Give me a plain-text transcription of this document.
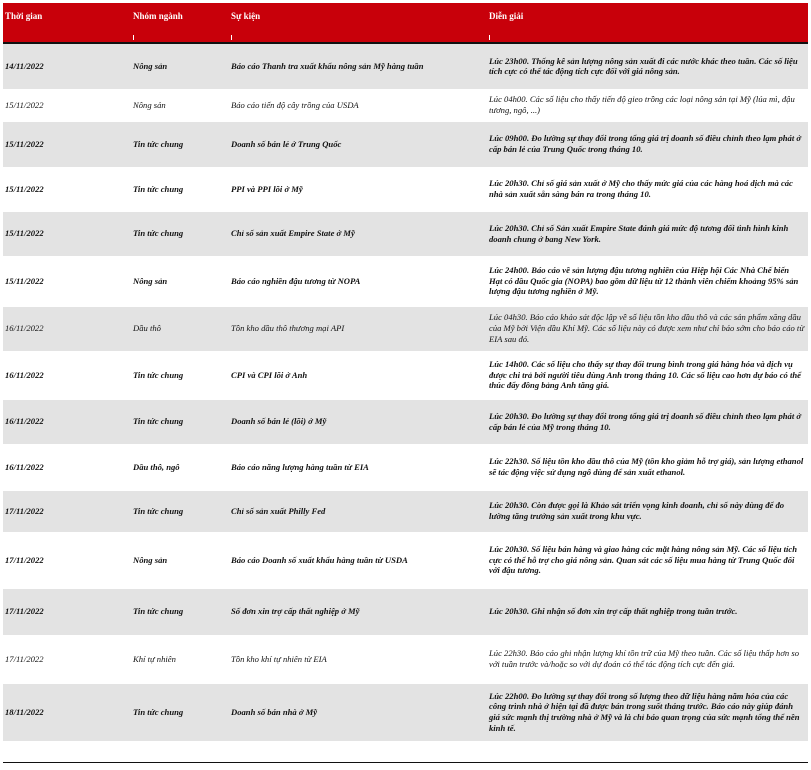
Thời gian	Nhóm ngành	Sự kiện	Diễn giải

14/11/2022	Nông sản	Báo cáo Thanh tra xuất khẩu nông sản Mỹ hàng tuần	Lúc 23h00. Thống kê sản lượng nông sản xuất đi các nước khác theo tuần. Các số liệu tích cực có thể tác động tích cực đối với giá nông sản.
15/11/2022	Nông sản	Báo cáo tiến độ cây trồng của USDA	Lúc 04h00. Các số liệu cho thấy tiến độ gieo trồng các loại nông sản tại Mỹ (lúa mì, đậu tương, ngô, ...)
15/11/2022	Tin tức chung	Doanh số bán lẻ ở Trung Quốc	Lúc 09h00. Đo lường sự thay đổi trong tổng giá trị doanh số điều chỉnh theo lạm phát ở cấp bán lẻ của Trung Quốc trong tháng 10.
15/11/2022	Tin tức chung	PPI và PPI lõi ở Mỹ	Lúc 20h30. Chỉ số giá sản xuất ở Mỹ cho thấy mức giá của các hàng hoá dịch mà các nhà sản xuất sẵn sàng bán ra trong tháng 10.
15/11/2022	Tin tức chung	Chỉ số sản xuất Empire State ở Mỹ	Lúc 20h30. Chỉ số Sản xuất Empire State đánh giá mức độ tương đối tình hình kinh doanh chung ở bang New York.
15/11/2022	Nông sản	Báo cáo nghiền đậu tương từ NOPA	Lúc 24h00. Báo cáo về sản lượng đậu tương nghiền của Hiệp hội Các Nhà Chế biến Hạt có dầu Quốc gia (NOPA) bao gồm dữ liệu từ 12 thành viên chiếm khoảng 95% sản lượng đậu tương nghiền ở Mỹ.
16/11/2022	Dầu thô	Tồn kho dầu thô thương mại API	Lúc 04h30. Báo cáo khảo sát độc lập về số liệu tồn kho dầu thô và các sản phẩm xăng dầu của Mỹ bởi Viện dầu Khí Mỹ. Các số liệu này có được xem như chỉ báo sớm cho báo cáo từ EIA sau đó.
16/11/2022	Tin tức chung	CPI và CPI lõi ở Anh	Lúc 14h00. Các số liệu cho thấy sự thay đổi trung bình trong giá hàng hóa và dịch vụ được chi trả bởi người tiêu dùng Anh trong tháng 10. Các số liệu cao hơn dự báo có thể thúc đẩy đồng bảng Anh tăng giá.
16/11/2022	Tin tức chung	Doanh số bán lẻ (lõi) ở Mỹ	Lúc 20h30. Đo lường sự thay đổi trong tổng giá trị doanh số điều chỉnh theo lạm phát ở cấp bán lẻ của Mỹ trong tháng 10.
16/11/2022	Dầu thô, ngô	Báo cáo năng lượng hàng tuần từ EIA	Lúc 22h30. Số liệu tồn kho dầu thô của Mỹ (tồn kho giảm hỗ trợ giá), sản lượng ethanol sẽ tác động việc sử dụng ngô dùng để sản xuất ethanol.
17/11/2022	Tin tức chung	Chỉ số sản xuất Philly Fed	Lúc 20h30. Còn được gọi là Khảo sát triển vọng kinh doanh, chỉ số này dùng để đo lường tăng trưởng sản xuất trong khu vực.
17/11/2022	Nông sản	Báo cáo Doanh số xuất khẩu hàng tuần từ USDA	Lúc 20h30. Số liệu bán hàng và giao hàng các mặt hàng nông sản Mỹ. Các số liệu tích cực có thể hỗ trợ cho giá nông sản. Quan sát các số liệu mua hàng từ Trung Quốc đối với đậu tương.
17/11/2022	Tin tức chung	Số đơn xin trợ cấp thất nghiệp ở Mỹ	Lúc 20h30. Ghi nhận số đơn xin trợ cấp thất nghiệp trong tuần trước.
17/11/2022	Khí tự nhiên	Tồn kho khí tự nhiên từ EIA	Lúc 22h30. Báo cáo ghi nhận lượng khí tồn trữ của Mỹ theo tuần. Các số liệu thấp hơn so với tuần trước và/hoặc so với dự đoán có thể tác động tích cực đến giá.
18/11/2022	Tin tức chung	Doanh số bán nhà ở Mỹ	Lúc 22h00. Đo lường sự thay đổi trong số lượng theo dữ liệu hàng năm hóa của các công trình nhà ở hiện tại đã được bán trong suốt tháng trước. Báo cáo này giúp đánh giá sức mạnh thị trường nhà ở Mỹ và là chỉ báo quan trọng của sức mạnh tổng thể nền kinh tế.
